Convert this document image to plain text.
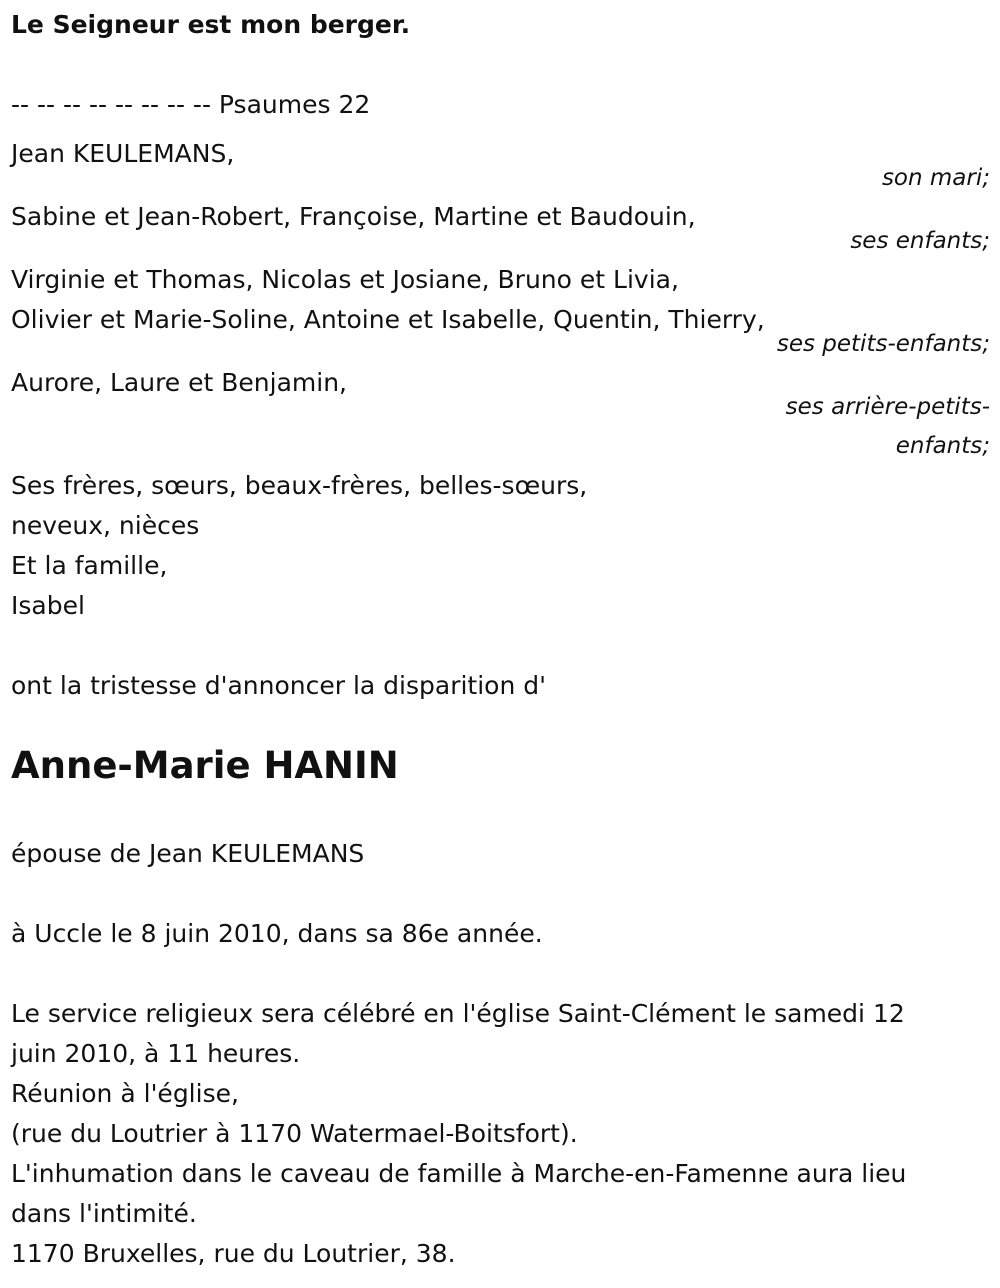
Le Seigneur est mon berger.

-- -- -- -- -- -- -- -- Psaumes 22

Jean KEULEMANS,

son mari;

Sabine et Jean-Robert, Françoise, Martine et Baudouin,

ses enfants;

Virginie et Thomas, Nicolas et Josiane, Bruno et Livia,

Olivier et Marie-Soline, Antoine et Isabelle, Quentin, Thierry,

ses petits-enfants;

Aurore, Laure et Benjamin,

ses arrière-petits-

enfants;

Ses frères, sœurs, beaux-frères, belles-sœurs,

neveux, nièces

Et la famille,

Isabel

ont la tristesse d'annoncer la disparition d'

Anne-Marie HANIN

épouse de Jean KEULEMANS

à Uccle le 8 juin 2010, dans sa 86e année.

Le service religieux sera célébré en l'église Saint-Clément le samedi 12

juin 2010, à 11 heures.

Réunion à l'église,

(rue du Loutrier à 1170 Watermael-Boitsfort).

L'inhumation dans le caveau de famille à Marche-en-Famenne aura lieu

dans l'intimité.

1170 Bruxelles, rue du Loutrier, 38.
